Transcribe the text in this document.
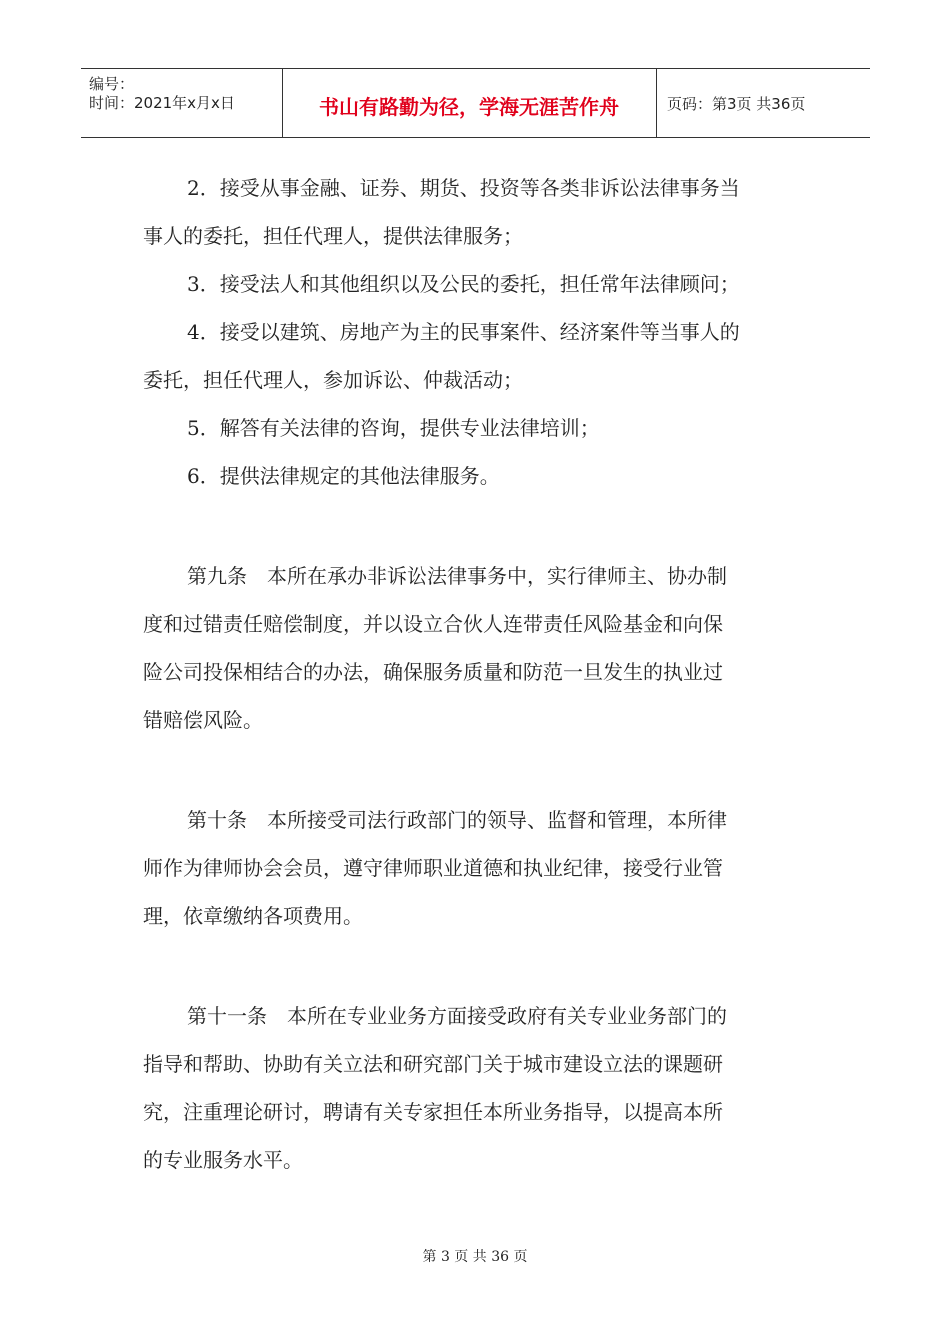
编号：
时间：2021年x月x日	书山有路勤为径，学海无涯苦作舟	页码：第3页 共36页
2．接受从事金融、证券、期货、投资等各类非诉讼法律事务当
事人的委托，担任代理人，提供法律服务；
3．接受法人和其他组织以及公民的委托，担任常年法律顾问；
4．接受以建筑、房地产为主的民事案件、经济案件等当事人的
委托，担任代理人，参加诉讼、仲裁活动；
5．解答有关法律的咨询，提供专业法律培训；
6．提供法律规定的其他法律服务。
第九条　本所在承办非诉讼法律事务中，实行律师主、协办制
度和过错责任赔偿制度，并以设立合伙人连带责任风险基金和向保
险公司投保相结合的办法，确保服务质量和防范一旦发生的执业过
错赔偿风险。
第十条　本所接受司法行政部门的领导、监督和管理，本所律
师作为律师协会会员，遵守律师职业道德和执业纪律，接受行业管
理，依章缴纳各项费用。
第十一条　本所在专业业务方面接受政府有关专业业务部门的
指导和帮助、协助有关立法和研究部门关于城市建设立法的课题研
究，注重理论研讨，聘请有关专家担任本所业务指导，以提高本所
的专业服务水平。
第 3 页 共 36 页
